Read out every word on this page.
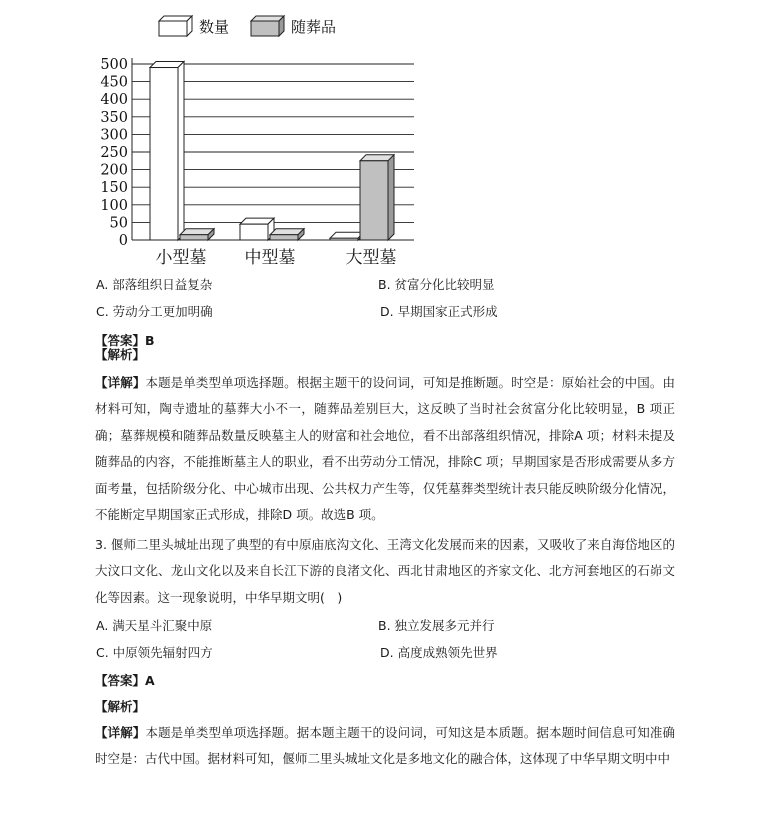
数量	随葬品
0
50
100
150
200
250
300
350
400
450
500
小型墓 中型墓	大型墓
A. 部落组织日益复杂	B. 贫富分化比较明显
C. 劳动分工更加明确	D. 早期国家正式形成
【答案】B
【解析】
【详解】本题是单类型单项选择题。根据主题干的设问词，可知是推断题。时空是：原始社会的中国。由材料可知，陶寺遗址的墓葬大小不一，随葬品差别巨大，这反映了当时社会贫富分化比较明显，B 项正确；墓葬规模和随葬品数量反映墓主人的财富和社会地位，看不出部落组织情况，排除A 项；材料未提及随葬品的内容，不能推断墓主人的职业，看不出劳动分工情况，排除C 项；早期国家是否形成需要从多方面考量，包括阶级分化、中心城市出现、公共权力产生等，仅凭墓葬类型统计表只能反映阶级分化情况，不能断定早期国家正式形成，排除D 项。故选B 项。
3. 偃师二里头城址出现了典型的有中原庙底沟文化、王湾文化发展而来的因素，又吸收了来自海岱地区的大汶口文化、龙山文化以及来自长江下游的良渚文化、西北甘肃地区的齐家文化、北方河套地区的石峁文化等因素。这一现象说明，中华早期文明(　)
A. 满天星斗汇聚中原	B. 独立发展多元并行
C. 中原领先辐射四方	D. 高度成熟领先世界
【答案】A
【解析】
【详解】本题是单类型单项选择题。据本题主题干的设问词，可知这是本质题。据本题时间信息可知准确时空是：古代中国。据材料可知，偃师二里头城址文化是多地文化的融合体，这体现了中华早期文明中中
